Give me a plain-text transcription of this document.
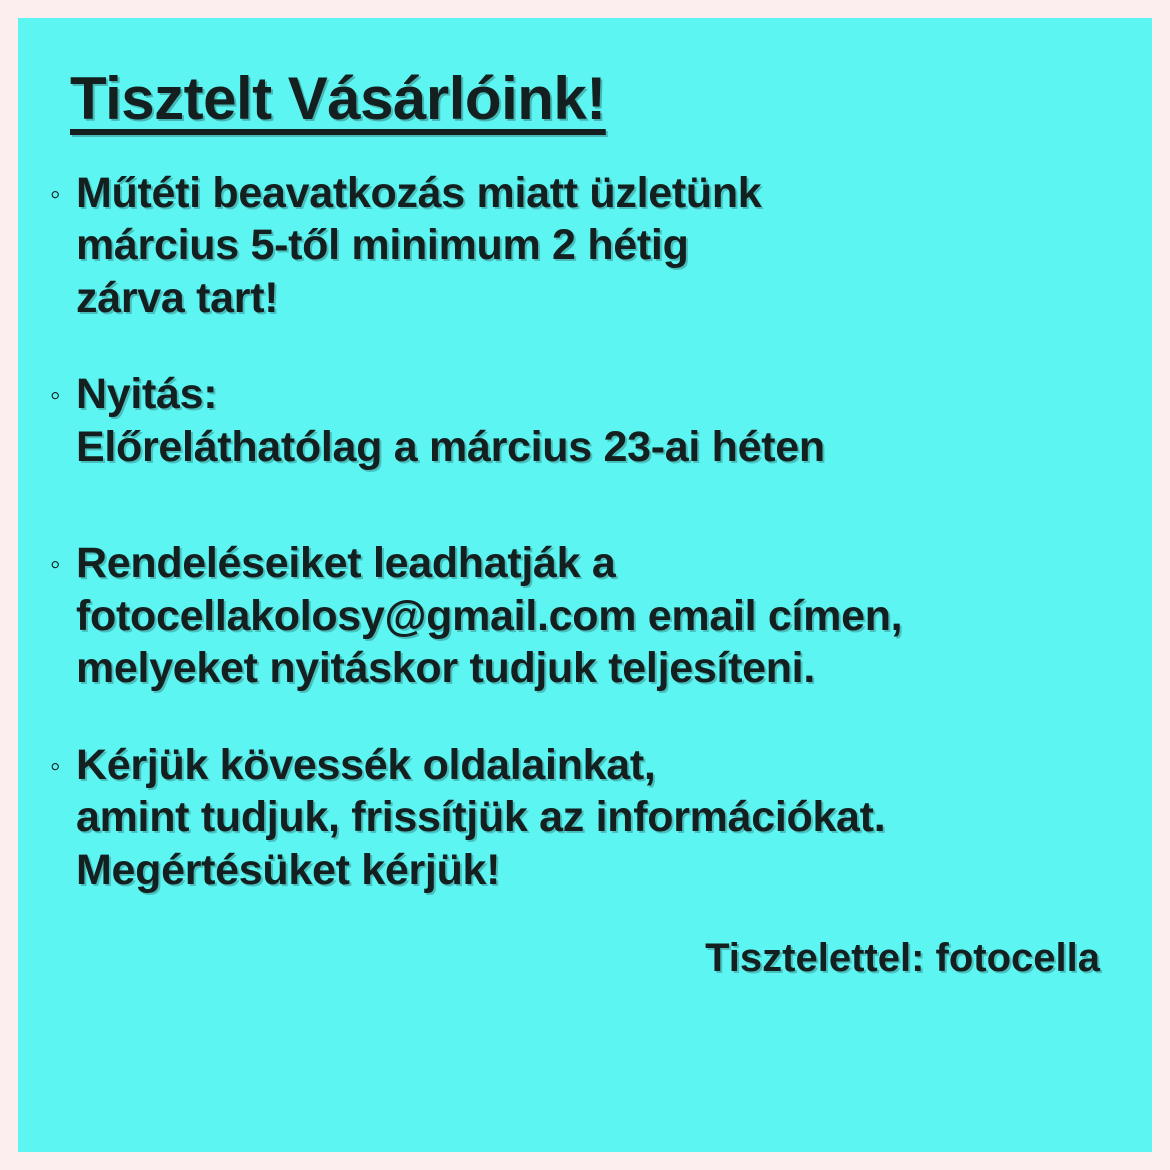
Tisztelt Vásárlóink!
◦ Műtéti beavatkozás miatt üzletünk
március 5-től minimum 2 hétig
zárva tart!
◦ Nyitás:
Előreláthatólag a március 23-ai héten
◦ Rendeléseiket leadhatják a
fotocellakolosy@gmail.com email címen,
melyeket nyitáskor tudjuk teljesíteni.
◦ Kérjük kövessék oldalainkat,
amint tudjuk, frissítjük az információkat.
Megértésüket kérjük!
Tisztelettel: fotocella
